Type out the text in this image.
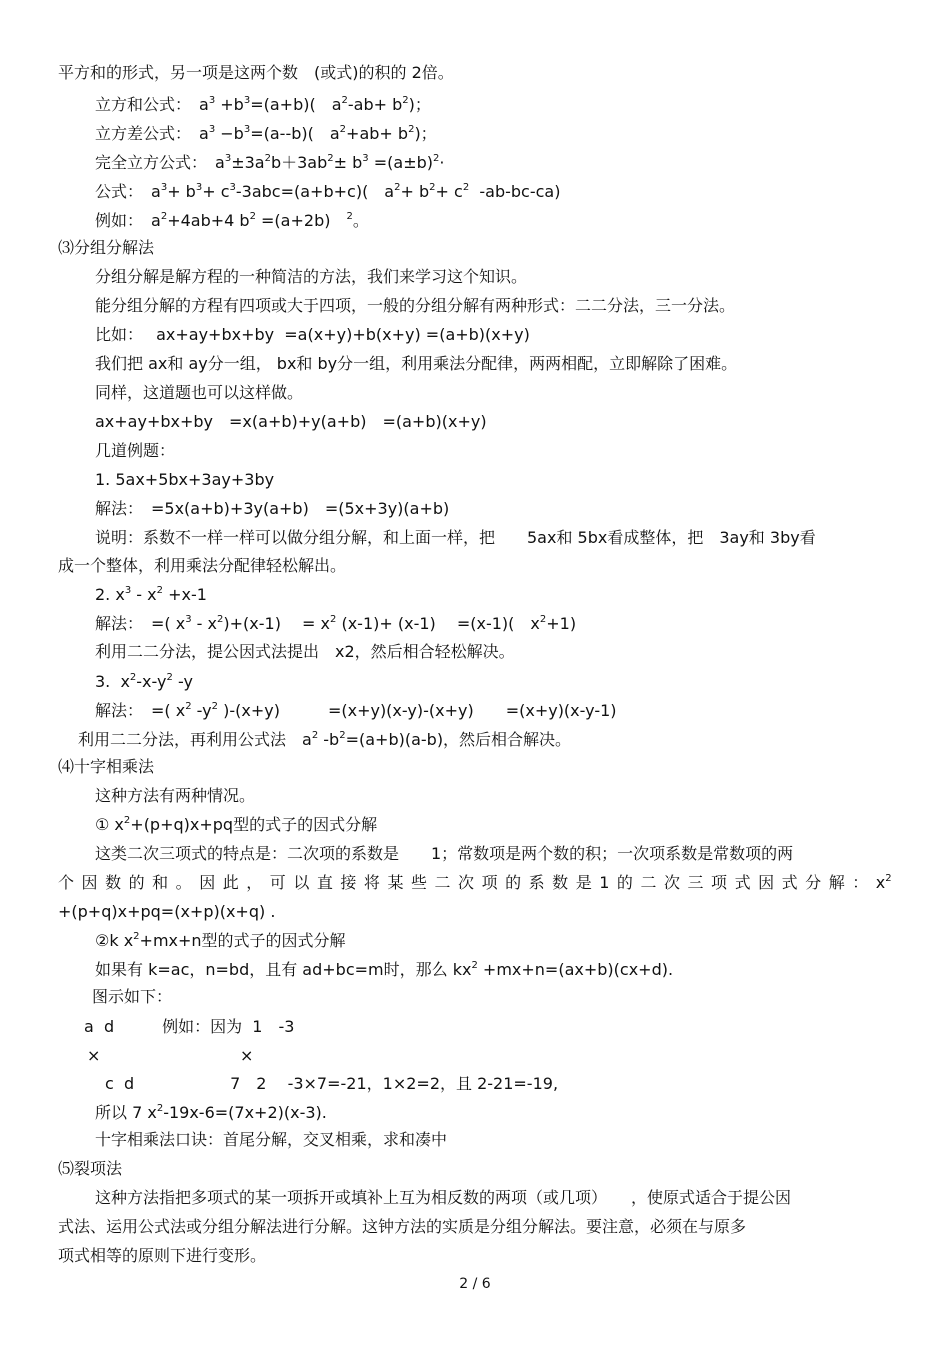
平方和的形式，另一项是这两个数　(或式)的积的 2倍。
立方和公式：　$a^3 +b^3=(a+b)$(　$a^2-ab+ b^2$)；
立方差公式：　$a^3 -b^3=(a--b)$(　$a^2+ab+ b^2$)；
完全立方公式：　$a^3\pm 3a^2b+3ab^2\pm b^3 =(a\pm b)^2\cdot$
公式：　$a^3+ b^3+ c^3-3abc=(a+b+c)$(　$a^2+ b^2+ c^2$  -ab-bc-ca)
例如：　$a^2+4ab+4$ $b^2 =(a+2b)$　$^2$。
⑶分组分解法
分组分解是解方程的一种简洁的方法，我们来学习这个知识。
能分组分解的方程有四项或大于四项，一般的分组分解有两种形式：二二分法，三一分法。
比如：　 ax+ay+bx+by  =a(x+y)+b(x+y) =(a+b)(x+y)
我们把 ax和 ay分一组， bx和 by分一组，利用乘法分配律，两两相配，立即解除了困难。
同样，这道题也可以这样做。
ax+ay+bx+by　=x(a+b)+y(a+b)　=(a+b)(x+y)
几道例题：
1. 5ax+5bx+3ay+3by
解法：　=5x(a+b)+3y(a+b)　=(5x+3y)(a+b)
说明：系数不一样一样可以做分组分解，和上面一样，把　　5ax和 5bx看成整体，把　3ay和 3by看
成一个整体，利用乘法分配律轻松解出。
2. $x^3 - x^2 +x-1$
解法：　=( $x^3 - x^2)+(x-1)$　 = $x^2$ (x-1)+ (x-1)　 =(x-1)(　$x^2+1$)
利用二二分法，提公因式法提出　x2，然后相合轻松解决。
3.  $x^2-x-y^2$ -y
解法：　=( $x^2$ $-y^2$ )-(x+y)　　　=(x+y)(x-y)-(x+y)　　=(x+y)(x-y-1)
利用二二分法，再利用公式法　$a^2$ $-b^2=(a+b)(a-b)$，然后相合解决。
⑷十字相乘法
这种方法有两种情况。
① $x^2+(p+q)x+pq$型的式子的因式分解
这类二次三项式的特点是：二次项的系数是　　1；常数项是两个数的积；一次项系数是常数项的两
个 因 数 的 和 。 因 此 ， 可 以 直 接 将 某 些 二 次 项 的 系 数 是 1 的 二 次 三 项 式 因 式 分 解 ： $x^2$
+(p+q)x+pq=(x+p)(x+q) .
②k $x^2+mx+n$型的式子的因式分解
如果有 k=ac，n=bd，且有 ad+bc=m时，那么 $kx^2 +mx+n=(ax+b)(cx+d)$.
图示如下：
a  d　　　例如：因为  1　-3
×	×
c  d　　　　　　7　2　 -3×7=-21，1×2=2，且 2-21=-19,
所以 7 $x^2-19x-6=(7x+2)(x-3)$.
十字相乘法口诀：首尾分解，交叉相乘，求和凑中
⑸裂项法
这种方法指把多项式的某一项拆开或填补上互为相反数的两项（或几项）　　，使原式适合于提公因
式法、运用公式法或分组分解法进行分解。这钟方法的实质是分组分解法。要注意，必须在与原多
项式相等的原则下进行变形。
2 / 6
